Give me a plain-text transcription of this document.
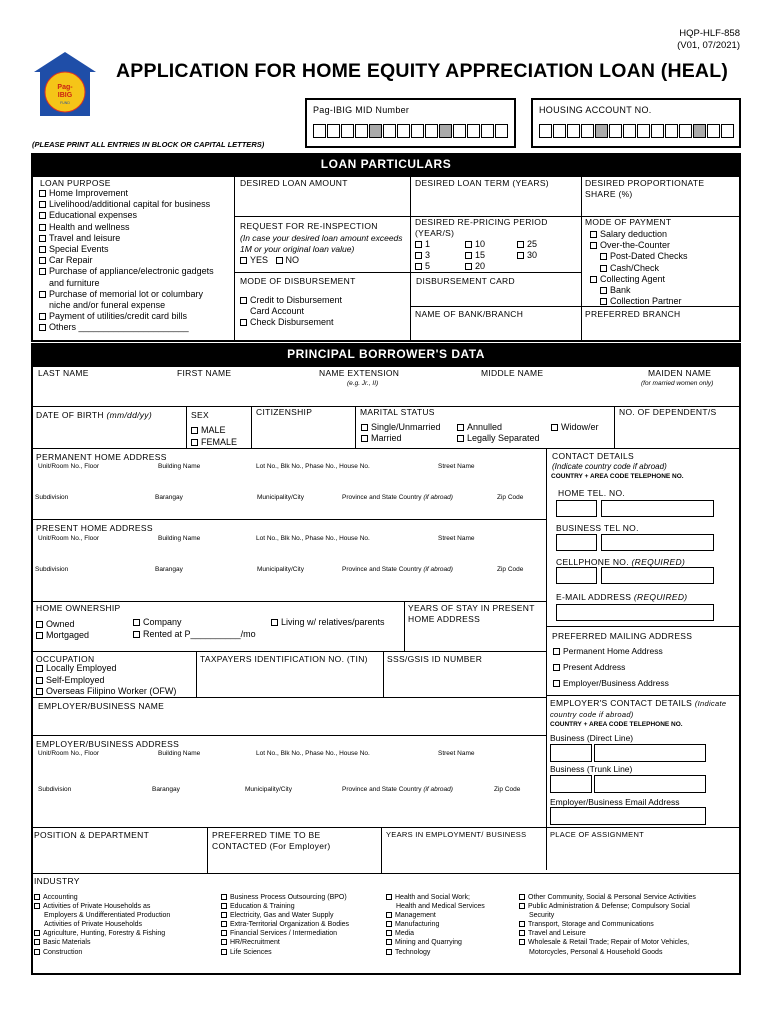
HQP-HLF-858
(V01, 07/2021)
Pag-
IBIG
FUND
APPLICATION FOR HOME EQUITY APPRECIATION LOAN (HEAL)
Pag-IBIG MID Number	HOUSING ACCOUNT NO.
(PLEASE PRINT ALL ENTRIES IN BLOCK OR CAPITAL LETTERS)
LOAN PARTICULARS
LOAN PURPOSE
Home Improvement
Livelihood/additional capital for business
Educational expenses
Health and wellness
Travel and leisure
Special Events
Car Repair
Purchase of appliance/electronic gadgets
and furniture
Purchase of memorial lot or columbary
niche and/or funeral expense
Payment of utilities/credit card bills
Others ______________________
DESIRED LOAN AMOUNT	DESIRED LOAN TERM (YEARS)	DESIRED PROPORTIONATE SHARE (%)
REQUEST FOR RE-INSPECTION
(In case your desired loan amount exceeds 1M or your original loan value)
YES NO
DESIRED RE-PRICING PERIOD (YEAR/S)
1	10	25
3	15	30
5	20
MODE OF PAYMENT
Salary deduction
Over-the-Counter
Post-Dated Checks
Cash/Check
Collecting Agent
Bank
Collection Partner
MODE OF DISBURSEMENT
Credit to Disbursement
Card Account
Check Disbursement
DISBURSEMENT CARD
NAME OF BANK/BRANCH	PREFERRED BRANCH
PRINCIPAL BORROWER'S DATA
LAST NAME	FIRST NAME	NAME EXTENSION
(e.g. Jr., II)
MIDDLE NAME	MAIDEN NAME
(for married women only)
DATE OF BIRTH (mm/dd/yy)	SEX
MALE
FEMALE
CITIZENSHIP	MARITAL STATUS
Single/Unmarried	Annulled	Widow/er
Married	Legally Separated
NO. OF DEPENDENT/S
PERMANENT HOME ADDRESS
Unit/Room No., Floor	Building Name	Lot No., Blk No., Phase No., House No.	Street Name
Subdivision	Barangay	Municipality/City	Province and State Country (if abroad)	Zip Code
PRESENT HOME ADDRESS
Unit/Room No., Floor	Building Name	Lot No., Blk No., Phase No., House No.	Street Name
Subdivision	Barangay	Municipality/City	Province and State Country (if abroad)	Zip Code
CONTACT DETAILS
(Indicate country code if abroad)
COUNTRY + AREA CODE TELEPHONE NO.
HOME TEL. NO.
BUSINESS TEL NO.
CELLPHONE NO. (REQUIRED)
E-MAIL ADDRESS (REQUIRED)
HOME OWNERSHIP
Owned	Company	Living w/ relatives/parents
Mortgaged	Rented at P__________/mo
YEARS OF STAY IN PRESENT HOME ADDRESS
PREFERRED MAILING ADDRESS
Permanent Home Address
Present Address
Employer/Business Address
OCCUPATION
Locally Employed
Self-Employed
Overseas Filipino Worker (OFW)
TAXPAYERS IDENTIFICATION NO. (TIN) SSS/GSIS ID NUMBER
EMPLOYER/BUSINESS NAME	EMPLOYER'S CONTACT DETAILS (Indicate country code if abroad)
COUNTRY + AREA CODE TELEPHONE NO.
Business (Direct Line)
Business (Trunk Line)
Employer/Business Email Address
EMPLOYER/BUSINESS ADDRESS
Unit/Room No., Floor	Building Name	Lot No., Blk No., Phase No., House No.	Street Name
Subdivision	Barangay	Municipality/City	Province and State Country (if abroad)	Zip Code
POSITION & DEPARTMENT	PREFERRED TIME TO BE CONTACTED (For Employer)
YEARS IN EMPLOYMENT/ BUSINESS	PLACE OF ASSIGNMENT
INDUSTRY
Accounting
Activities of Private Households as
Employers & Undifferentiated Production
Activities of Private Households
Agriculture, Hunting, Forestry & Fishing
Basic Materials
Construction
Business Process Outsourcing (BPO)
Education & Training
Electricity, Gas and Water Supply
Extra-Territorial Organization & Bodies
Financial Services / Intermediation
HR/Recruitment
Life Sciences
Health and Social Work;
Health and Medical Services
Management
Manufacturing
Media
Mining and Quarrying
Technology
Other Community, Social & Personal Service Activities
Public Administration & Defense; Compulsory Social
Security
Transport, Storage and Communications
Travel and Leisure
Wholesale & Retail Trade; Repair of Motor Vehicles,
Motorcycles, Personal & Household Goods
